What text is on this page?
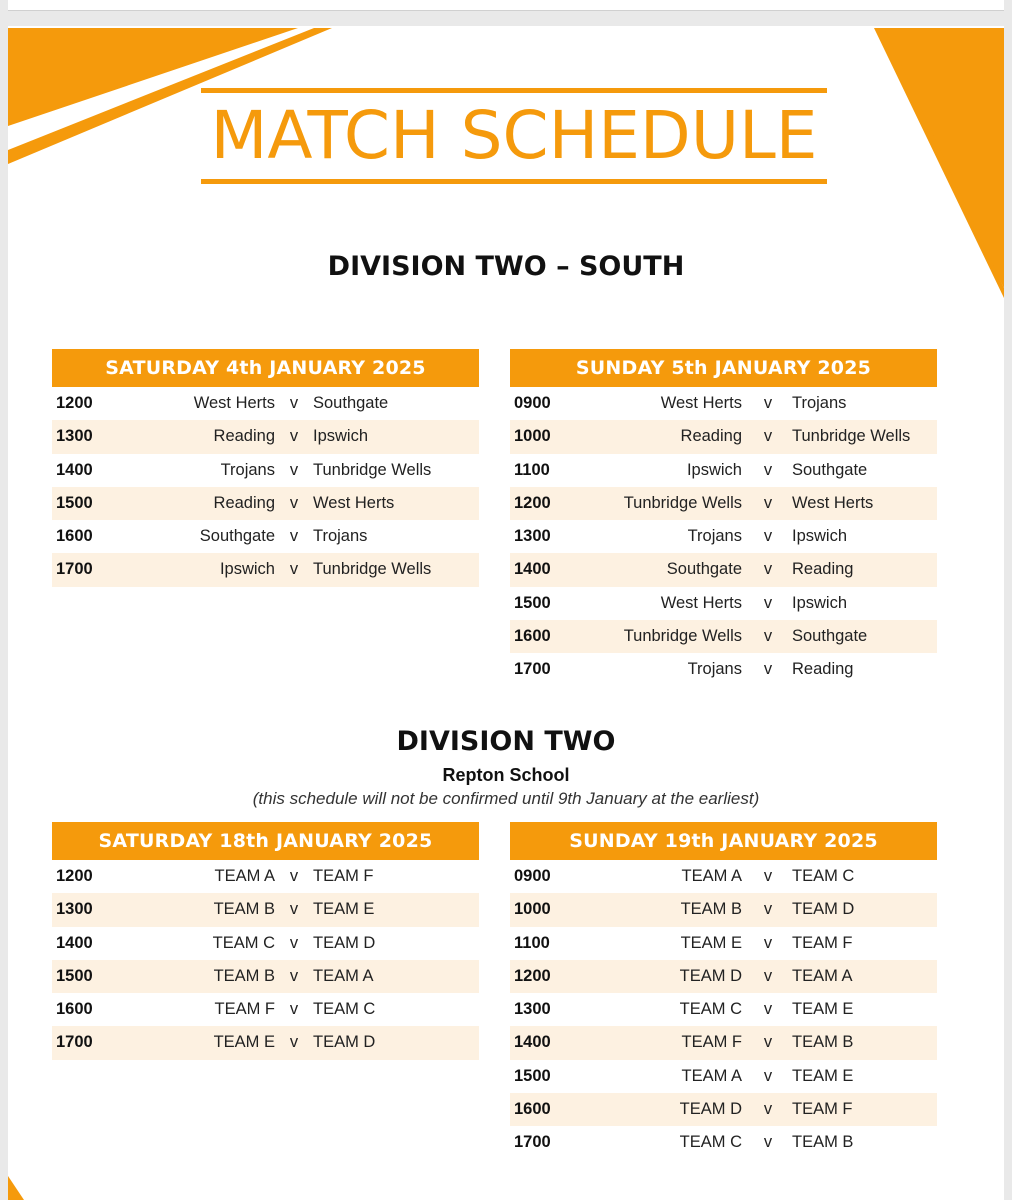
MATCH SCHEDULE
DIVISION TWO – SOUTH
SATURDAY 4th JANUARY 2025
1200	West Herts v Southgate
1300	Reading v Ipswich
1400	Trojans v Tunbridge Wells
1500	Reading v West Herts
1600	Southgate v Trojans
1700	Ipswich v Tunbridge Wells
SUNDAY 5th JANUARY 2025
0900	West Herts v Trojans
1000	Reading v Tunbridge Wells
1100	Ipswich v Southgate
1200	Tunbridge Wells v West Herts
1300	Trojans v Ipswich
1400	Southgate v Reading
1500	West Herts v Ipswich
1600	Tunbridge Wells v Southgate
1700	Trojans v Reading
DIVISION TWO
Repton School
(this schedule will not be confirmed until 9th January at the earliest)
SATURDAY 18th JANUARY 2025
1200	TEAM A v TEAM F
1300	TEAM B v TEAM E
1400	TEAM C v TEAM D
1500	TEAM B v TEAM A
1600	TEAM F v TEAM C
1700	TEAM E v TEAM D
SUNDAY 19th JANUARY 2025
0900	TEAM A v TEAM C
1000	TEAM B v TEAM D
1100	TEAM E v TEAM F
1200	TEAM D v TEAM A
1300	TEAM C v TEAM E
1400	TEAM F v TEAM B
1500	TEAM A v TEAM E
1600	TEAM D v TEAM F
1700	TEAM C v TEAM B
